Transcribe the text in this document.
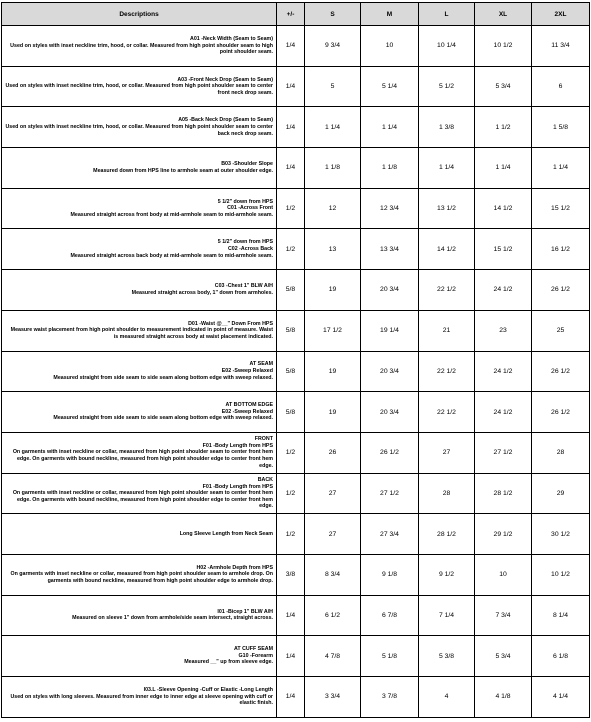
Descriptions	+/-	S	M	L	XL	2XL

A01 -Neck Width (Seam to Seam)
Used on styles with inset neckline trim, hood, or collar. Measured from high point shoulder seam to high point shoulder seam.	1/4	9 3/4	10	10 1/4	10 1/2	11 3/4

A03 -Front Neck Drop (Seam to Seam)
Used on styles with inset neckline trim, hood, or collar. Measured from high point shoulder seam to center front neck drop seam.	1/4	5	5 1/4	5 1/2	5 3/4	6

A05 -Back Neck Drop (Seam to Seam)
Used on styles with inset neckline trim, hood, or collar. Measured from high point shoulder seam to center back neck drop seam.	1/4	1 1/4	1 1/4	1 3/8	1 1/2	1 5/8

B03 -Shoulder Slope
Measured down from HPS line to armhole seam at outer shoulder edge.	1/4	1 1/8	1 1/8	1 1/4	1 1/4	1 1/4

5 1/2" down from HPS
C01 -Across Front
Measured straight across front body at mid-armhole seam to mid-armhole seam.	1/2	12	12 3/4	13 1/2	14 1/2	15 1/2

5 1/2" down from HPS
C02 -Across Back
Measured straight across back body at mid-armhole seam to mid-armhole seam.	1/2	13	13 3/4	14 1/2	15 1/2	16 1/2

C03 -Chest 1" BLW A/H
Measured straight across body, 1" down from armholes.	5/8	19	20 3/4	22 1/2	24 1/2	26 1/2

D01 -Waist @__" Down From HPS
Measure waist placement from high point shoulder to measurement indicated in point of measure. Waist is measured straight across body at waist placement indicated.	5/8	17 1/2	19 1/4	21	23	25

AT SEAM
E02 -Sweep Relaxed
Measured straight from side seam to side seam along bottom edge with sweep relaxed.	5/8	19	20 3/4	22 1/2	24 1/2	26 1/2

AT BOTTOM EDGE
E02 -Sweep Relaxed
Measured straight from side seam to side seam along bottom edge with sweep relaxed.	5/8	19	20 3/4	22 1/2	24 1/2	26 1/2

FRONT
F01 -Body Length from HPS
On garments with inset neckline or collar, measured from high point shoulder seam to center front hem edge. On garments with bound neckline, measured from high point shoulder edge to center front hem edge.	1/2	26	26 1/2	27	27 1/2	28

BACK
F01 -Body Length from HPS
On garments with inset neckline or collar, measured from high point shoulder seam to center front hem edge. On garments with bound neckline, measured from high point shoulder edge to center front hem edge.	1/2	27	27 1/2	28	28 1/2	29

Long Sleeve Length from Neck Seam	1/2	27	27 3/4	28 1/2	29 1/2	30 1/2

H02 -Armhole Depth from HPS
On garments with inset neckline or collar, measured from high point shoulder seam to armhole drop. On garments with bound neckline, measured from high point shoulder edge to armhole drop.	3/8	8 3/4	9 1/8	9 1/2	10	10 1/2

I01 -Bicep 1" BLW A/H
Measured on sleeve 1" down from armhole/side seam intersect, straight across.	1/4	6 1/2	6 7/8	7 1/4	7 3/4	8 1/4

AT CUFF SEAM
G10 -Forearm
Measured __" up from sleeve edge.	1/4	4 7/8	5 1/8	5 3/8	5 3/4	6 1/8

I03.L -Sleeve Opening -Cuff or Elastic -Long Length
Used on styles with long sleeves. Measured from inner edge to inner edge at sleeve opening with cuff or elastic finish.	1/4	3 3/4	3 7/8	4	4 1/8	4 1/4
